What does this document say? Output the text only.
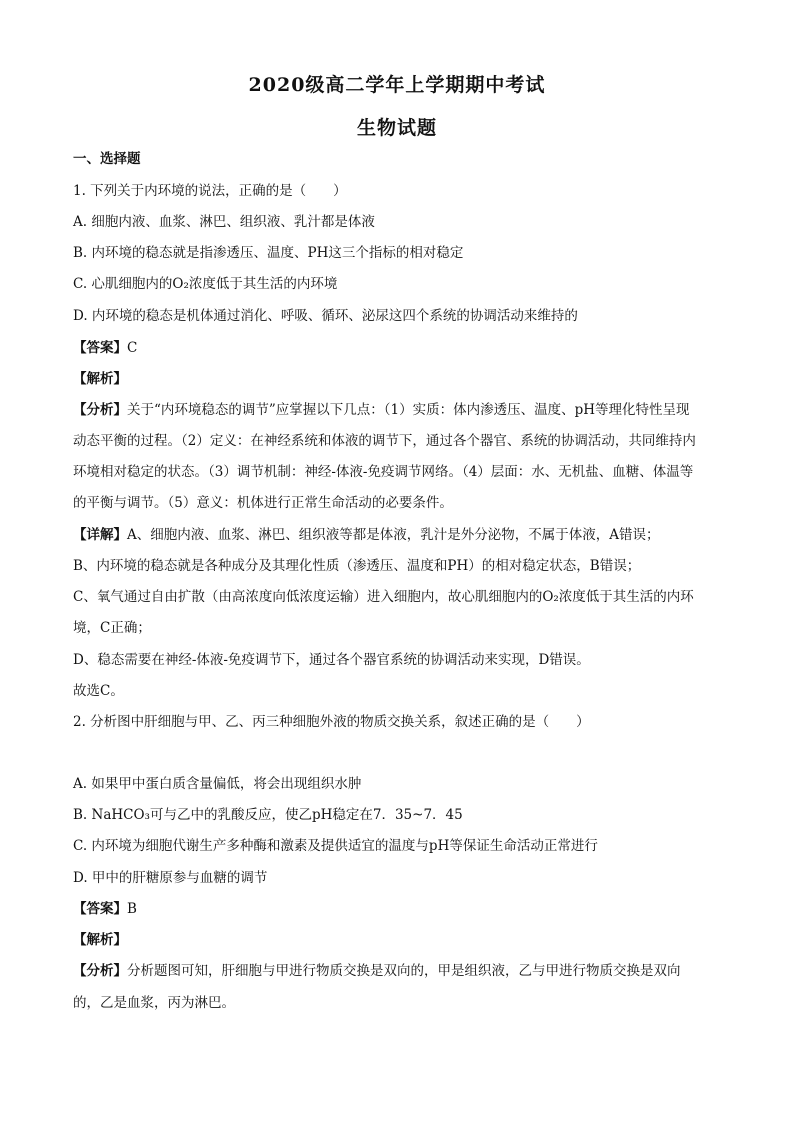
2020级高二学年上学期期中考试
生物试题
一、选择题
1. 下列关于内环境的说法，正确的是（　　）
A. 细胞内液、血浆、淋巴、组织液、乳汁都是体液
B. 内环境的稳态就是指渗透压、温度、PH这三个指标的相对稳定
C. 心肌细胞内的O₂浓度低于其生活的内环境
D. 内环境的稳态是机体通过消化、呼吸、循环、泌尿这四个系统的协调活动来维持的
【答案】C
【解析】
【分析】关于“内环境稳态的调节”应掌握以下几点：（1）实质：体内渗透压、温度、pH等理化特性呈现
动态平衡的过程。（2）定义：在神经系统和体液的调节下，通过各个器官、系统的协调活动，共同维持内
环境相对稳定的状态。（3）调节机制：神经-体液-免疫调节网络。（4）层面：水、无机盐、血糖、体温等
的平衡与调节。（5）意义：机体进行正常生命活动的必要条件。
【详解】A、细胞内液、血浆、淋巴、组织液等都是体液，乳汁是外分泌物，不属于体液，A错误；
B、内环境的稳态就是各种成分及其理化性质（渗透压、温度和PH）的相对稳定状态，B错误；
C、氧气通过自由扩散（由高浓度向低浓度运输）进入细胞内，故心肌细胞内的O₂浓度低于其生活的内环
境，C正确；
D、稳态需要在神经-体液-免疫调节下，通过各个器官系统的协调活动来实现，D错误。
故选C。
2. 分析图中肝细胞与甲、乙、丙三种细胞外液的物质交换关系，叙述正确的是（　　）
A. 如果甲中蛋白质含量偏低，将会出现组织水肿
B. NaHCO₃可与乙中的乳酸反应，使乙pH稳定在7．35~7．45
C. 内环境为细胞代谢生产多种酶和激素及提供适宜的温度与pH等保证生命活动正常进行
D. 甲中的肝糖原参与血糖的调节
【答案】B
【解析】
【分析】分析题图可知，肝细胞与甲进行物质交换是双向的，甲是组织液，乙与甲进行物质交换是双向
的，乙是血浆，丙为淋巴。
